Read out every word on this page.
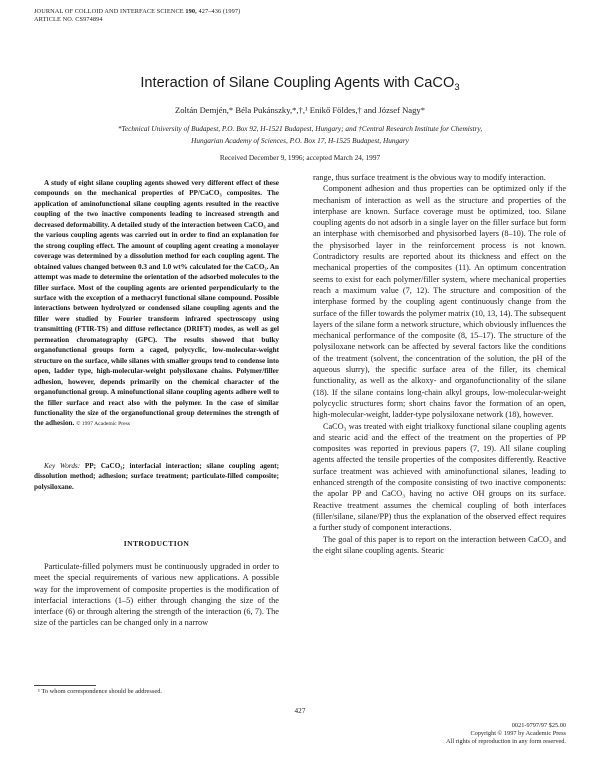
JOURNAL OF COLLOID AND INTERFACE SCIENCE 190, 427–436 (1997)
ARTICLE NO. CS974894
Interaction of Silane Coupling Agents with CaCO$_3$
Zoltán Demjén,* Béla Pukánszky,*,†,¹ Enikő Földes,† and József Nagy*
*Technical University of Budapest, P.O. Box 92, H-1521 Budapest, Hungary; and †Central Research Institute for Chemistry,
Hungarian Academy of Sciences, P.O. Box 17, H-1525 Budapest, Hungary
Received December 9, 1996; accepted March 24, 1997
A study of eight silane coupling agents showed very different effect of these compounds on the mechanical properties of PP/CaCO₃ composites. The application of aminofunctional silane coupling agents resulted in the reactive coupling of the two inactive components leading to increased strength and decreased deformability. A detailed study of the interaction between CaCO₃ and the various coupling agents was carried out in order to find an explanation for the strong coupling effect. The amount of coupling agent creating a monolayer coverage was determined by a dissolution method for each coupling agent. The obtained values changed between 0.3 and 1.0 wt% calculated for the CaCO₃. An attempt was made to determine the orientation of the adsorbed molecules to the filler surface. Most of the coupling agents are oriented perpendicularly to the surface with the exception of a methacryl functional silane compound. Possible interactions between hydrolyzed or condensed silane coupling agents and the filler were studied by Fourier transform infrared spectroscopy using transmitting (FTIR-TS) and diffuse reflectance (DRIFT) modes, as well as gel permeation chromatography (GPC). The results showed that bulky organofunctional groups form a caged, polycyclic, low-molecular-weight structure on the surface, while silanes with smaller groups tend to condense into open, ladder type, high-molecular-weight polysiloxane chains. Polymer/filler adhesion, however, depends primarily on the chemical character of the organofunctional group. A minofunctional silane coupling agents adhere well to the filler surface and react also with the polymer. In the case of similar functionality the size of the organofunctional group determines the strength of the adhesion. © 1997 Academic Press
Key Words: PP; CaCO₃; interfacial interaction; silane coupling agent; dissolution method; adhesion; surface treatment; particulate-filled composite; polysiloxane.
INTRODUCTION

Particulate-filled polymers must be continuously upgraded in order to meet the special requirements of various new applications. A possible way for the improvement of composite properties is the modification of interfacial interactions (1–5) either through changing the size of the interface (6) or through altering the strength of the interaction (6, 7). The size of the particles can be changed only in a narrow

¹ To whom correspondence should be addressed.

range, thus surface treatment is the obvious way to modify interaction.

Component adhesion and thus properties can be optimized only if the mechanism of interaction as well as the structure and properties of the interphase are known. Surface coverage must be optimized, too. Silane coupling agents do not adsorb in a single layer on the filler surface but form an interphase with chemisorbed and physisorbed layers (8–10). The role of the physisorbed layer in the reinforcement process is not known. Contradictory results are reported about its thickness and effect on the mechanical properties of the composites (11). An optimum concentration seems to exist for each polymer/filler system, where mechanical properties reach a maximum value (7, 12). The structure and composition of the interphase formed by the coupling agent continuously change from the surface of the filler towards the polymer matrix (10, 13, 14). The subsequent layers of the silane form a network structure, which obviously influences the mechanical performance of the composite (8, 15–17). The structure of the polysiloxane network can be affected by several factors like the conditions of the treatment (solvent, the concentration of the solution, the pH of the aqueous slurry), the specific surface area of the filler, its chemical functionality, as well as the alkoxy- and organofunctionality of the silane (18). If the silane contains long-chain alkyl groups, low-molecular-weight polycyclic structures form; short chains favor the formation of an open, high-molecular-weight, ladder-type polysiloxane network (18), however.

CaCO₃ was treated with eight trialkoxy functional silane coupling agents and stearic acid and the effect of the treatment on the properties of PP composites was reported in previous papers (7, 19). All silane coupling agents affected the tensile properties of the composites differently. Reactive surface treatment was achieved with aminofunctional silanes, leading to enhanced strength of the composite consisting of two inactive components: the apolar PP and CaCO₃ having no active OH groups on its surface. Reactive treatment assumes the chemical coupling of both interfaces (filler/silane, silane/PP) thus the explanation of the observed effect requires a further study of component interactions.

The goal of this paper is to report on the interaction between CaCO₃ and the eight silane coupling agents. Stearic

427
0021-9797/97 $25.00
Copyright © 1997 by Academic Press
All rights of reproduction in any form reserved.
